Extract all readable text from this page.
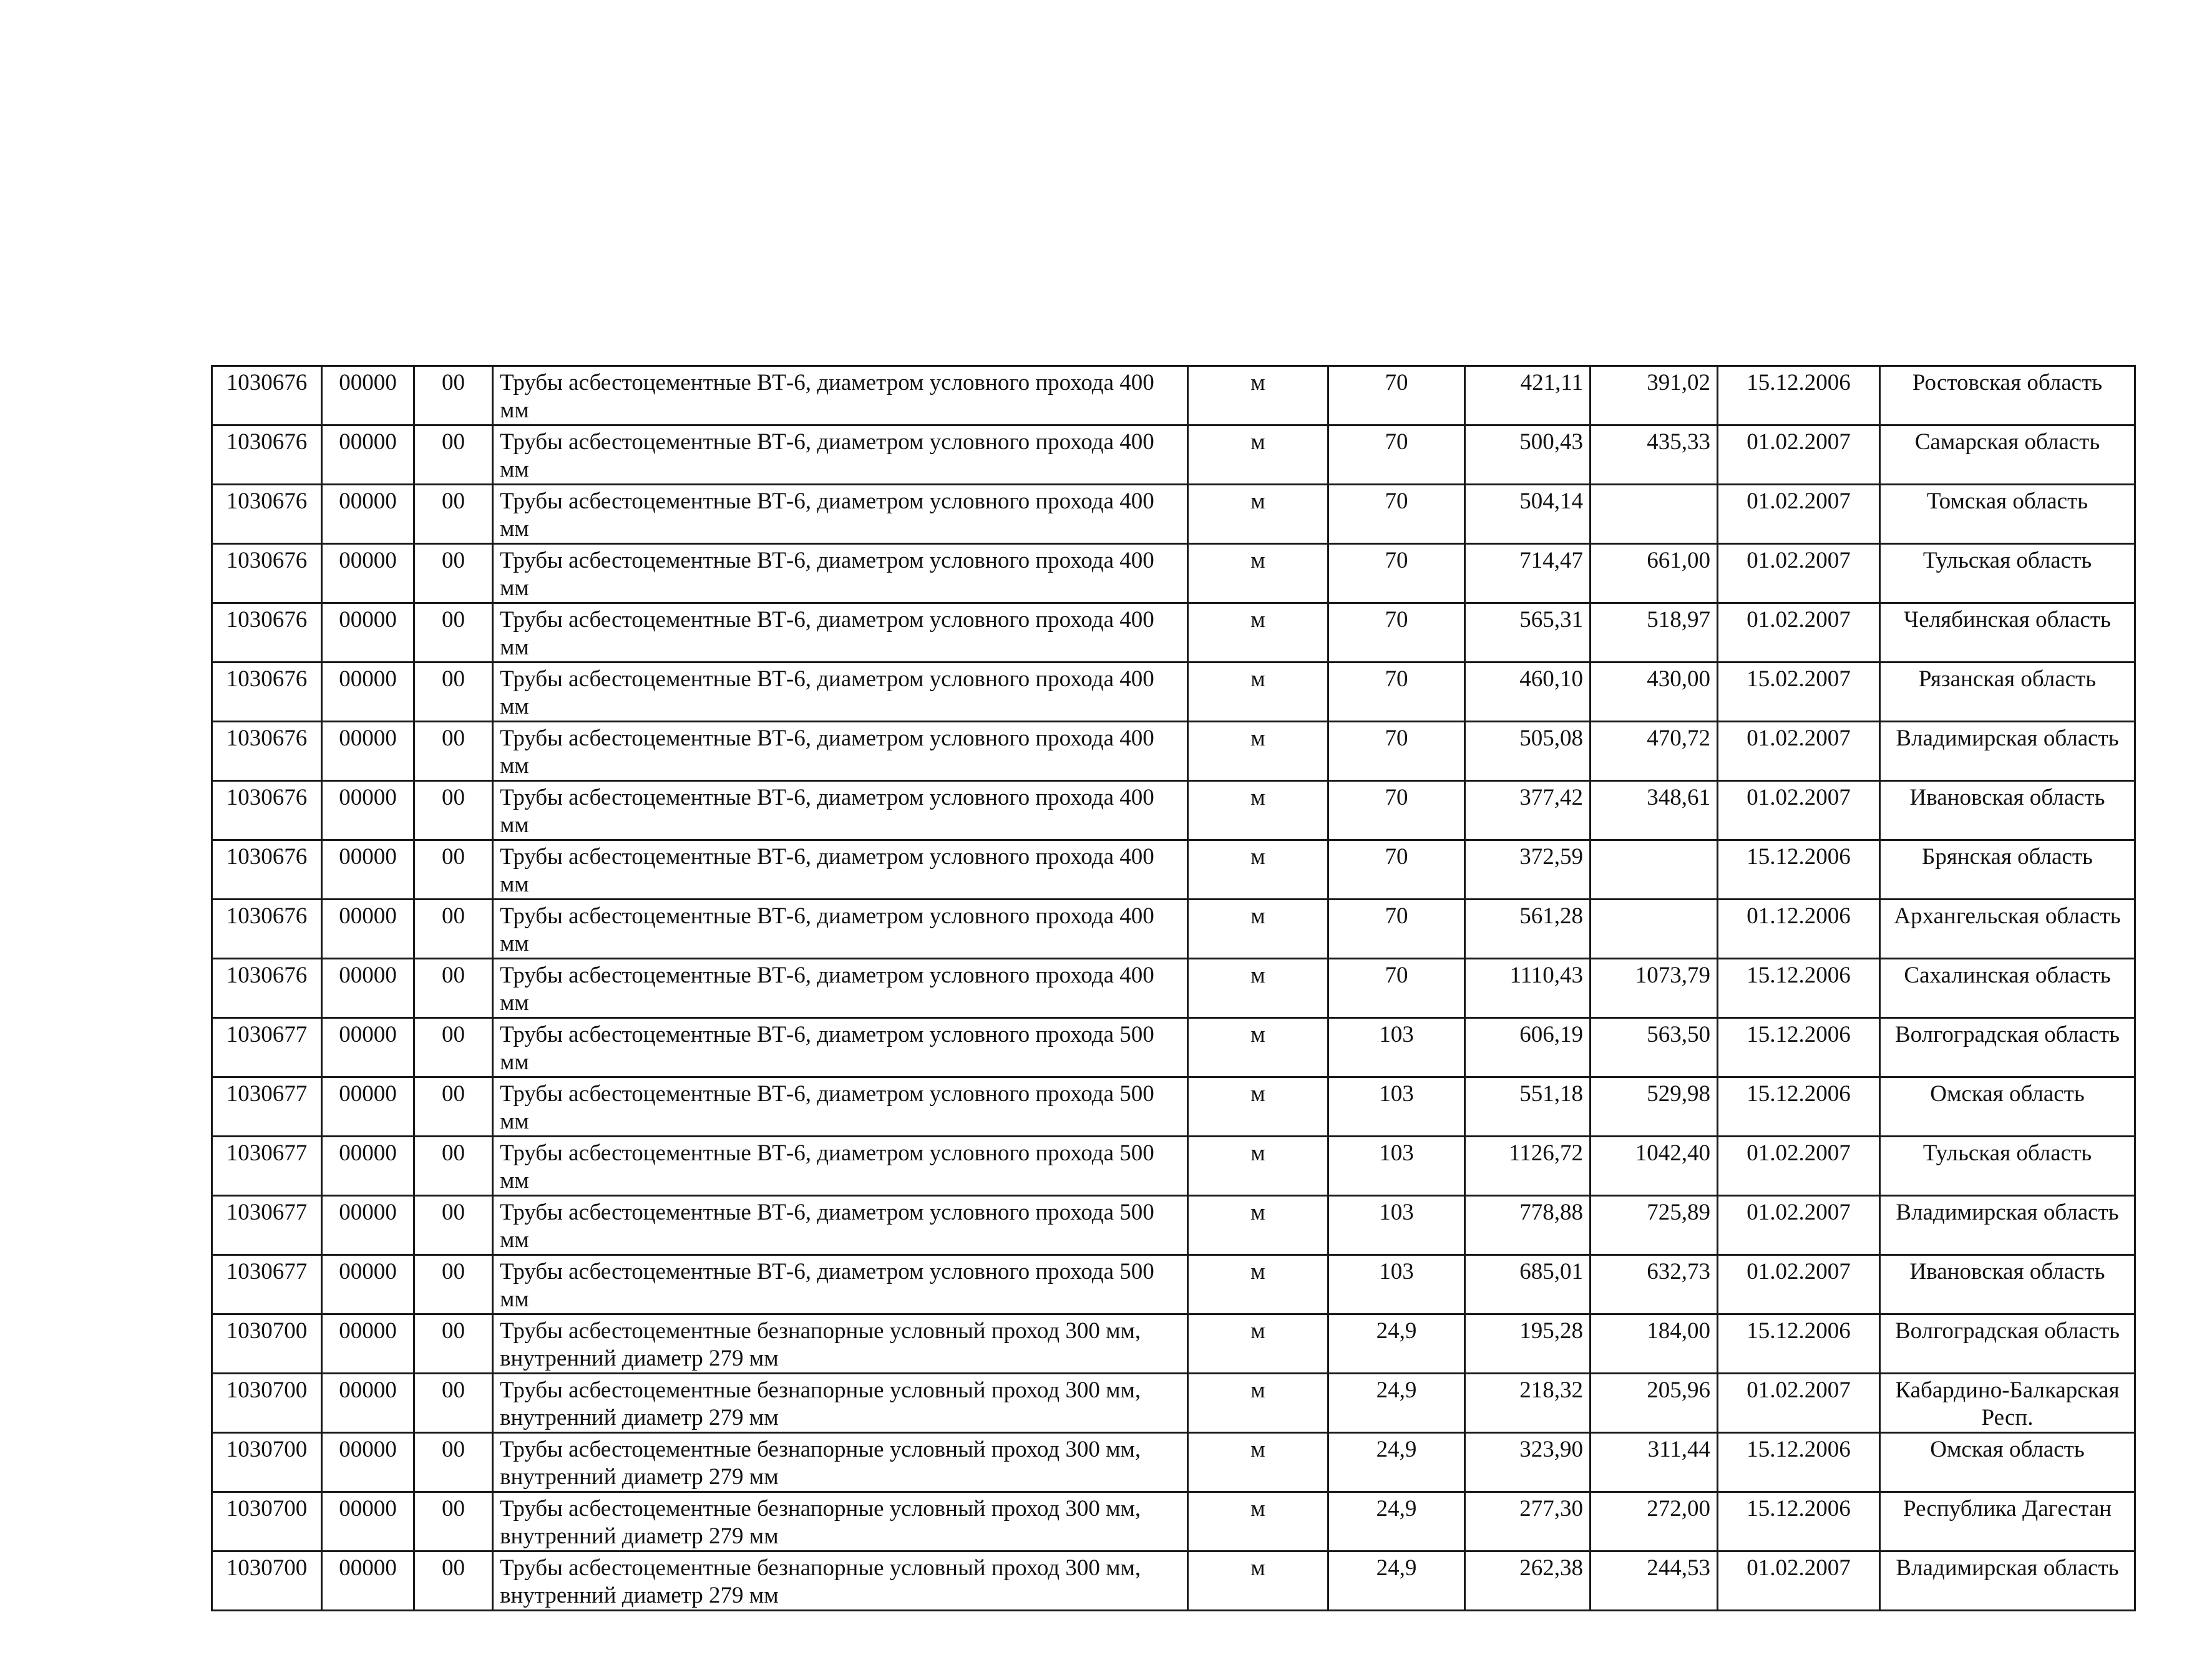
1030676	00000	00	Трубы асбестоцементные ВТ-6, диаметром условного прохода 400 мм	м	70	421,11	391,02	15.12.2006	Ростовская область
1030676	00000	00	Трубы асбестоцементные ВТ-6, диаметром условного прохода 400 мм	м	70	500,43	435,33	01.02.2007	Самарская область
1030676	00000	00	Трубы асбестоцементные ВТ-6, диаметром условного прохода 400 мм	м	70	504,14		01.02.2007	Томская область
1030676	00000	00	Трубы асбестоцементные ВТ-6, диаметром условного прохода 400 мм	м	70	714,47	661,00	01.02.2007	Тульская область
1030676	00000	00	Трубы асбестоцементные ВТ-6, диаметром условного прохода 400 мм	м	70	565,31	518,97	01.02.2007	Челябинская область
1030676	00000	00	Трубы асбестоцементные ВТ-6, диаметром условного прохода 400 мм	м	70	460,10	430,00	15.02.2007	Рязанская область
1030676	00000	00	Трубы асбестоцементные ВТ-6, диаметром условного прохода 400 мм	м	70	505,08	470,72	01.02.2007	Владимирская область
1030676	00000	00	Трубы асбестоцементные ВТ-6, диаметром условного прохода 400 мм	м	70	377,42	348,61	01.02.2007	Ивановская область
1030676	00000	00	Трубы асбестоцементные ВТ-6, диаметром условного прохода 400 мм	м	70	372,59		15.12.2006	Брянская область
1030676	00000	00	Трубы асбестоцементные ВТ-6, диаметром условного прохода 400 мм	м	70	561,28		01.12.2006	Архангельская область
1030676	00000	00	Трубы асбестоцементные ВТ-6, диаметром условного прохода 400 мм	м	70	1110,43	1073,79	15.12.2006	Сахалинская область
1030677	00000	00	Трубы асбестоцементные ВТ-6, диаметром условного прохода 500 мм	м	103	606,19	563,50	15.12.2006	Волгоградская область
1030677	00000	00	Трубы асбестоцементные ВТ-6, диаметром условного прохода 500 мм	м	103	551,18	529,98	15.12.2006	Омская область
1030677	00000	00	Трубы асбестоцементные ВТ-6, диаметром условного прохода 500 мм	м	103	1126,72	1042,40	01.02.2007	Тульская область
1030677	00000	00	Трубы асбестоцементные ВТ-6, диаметром условного прохода 500 мм	м	103	778,88	725,89	01.02.2007	Владимирская область
1030677	00000	00	Трубы асбестоцементные ВТ-6, диаметром условного прохода 500 мм	м	103	685,01	632,73	01.02.2007	Ивановская область
1030700	00000	00	Трубы асбестоцементные безнапорные условный проход 300 мм, внутренний диаметр 279 мм	м	24,9	195,28	184,00	15.12.2006	Волгоградская область
1030700	00000	00	Трубы асбестоцементные безнапорные условный проход 300 мм, внутренний диаметр 279 мм	м	24,9	218,32	205,96	01.02.2007	Кабардино-Балкарская Респ.
1030700	00000	00	Трубы асбестоцементные безнапорные условный проход 300 мм, внутренний диаметр 279 мм	м	24,9	323,90	311,44	15.12.2006	Омская область
1030700	00000	00	Трубы асбестоцементные безнапорные условный проход 300 мм, внутренний диаметр 279 мм	м	24,9	277,30	272,00	15.12.2006	Республика Дагестан
1030700	00000	00	Трубы асбестоцементные безнапорные условный проход 300 мм, внутренний диаметр 279 мм	м	24,9	262,38	244,53	01.02.2007	Владимирская область
